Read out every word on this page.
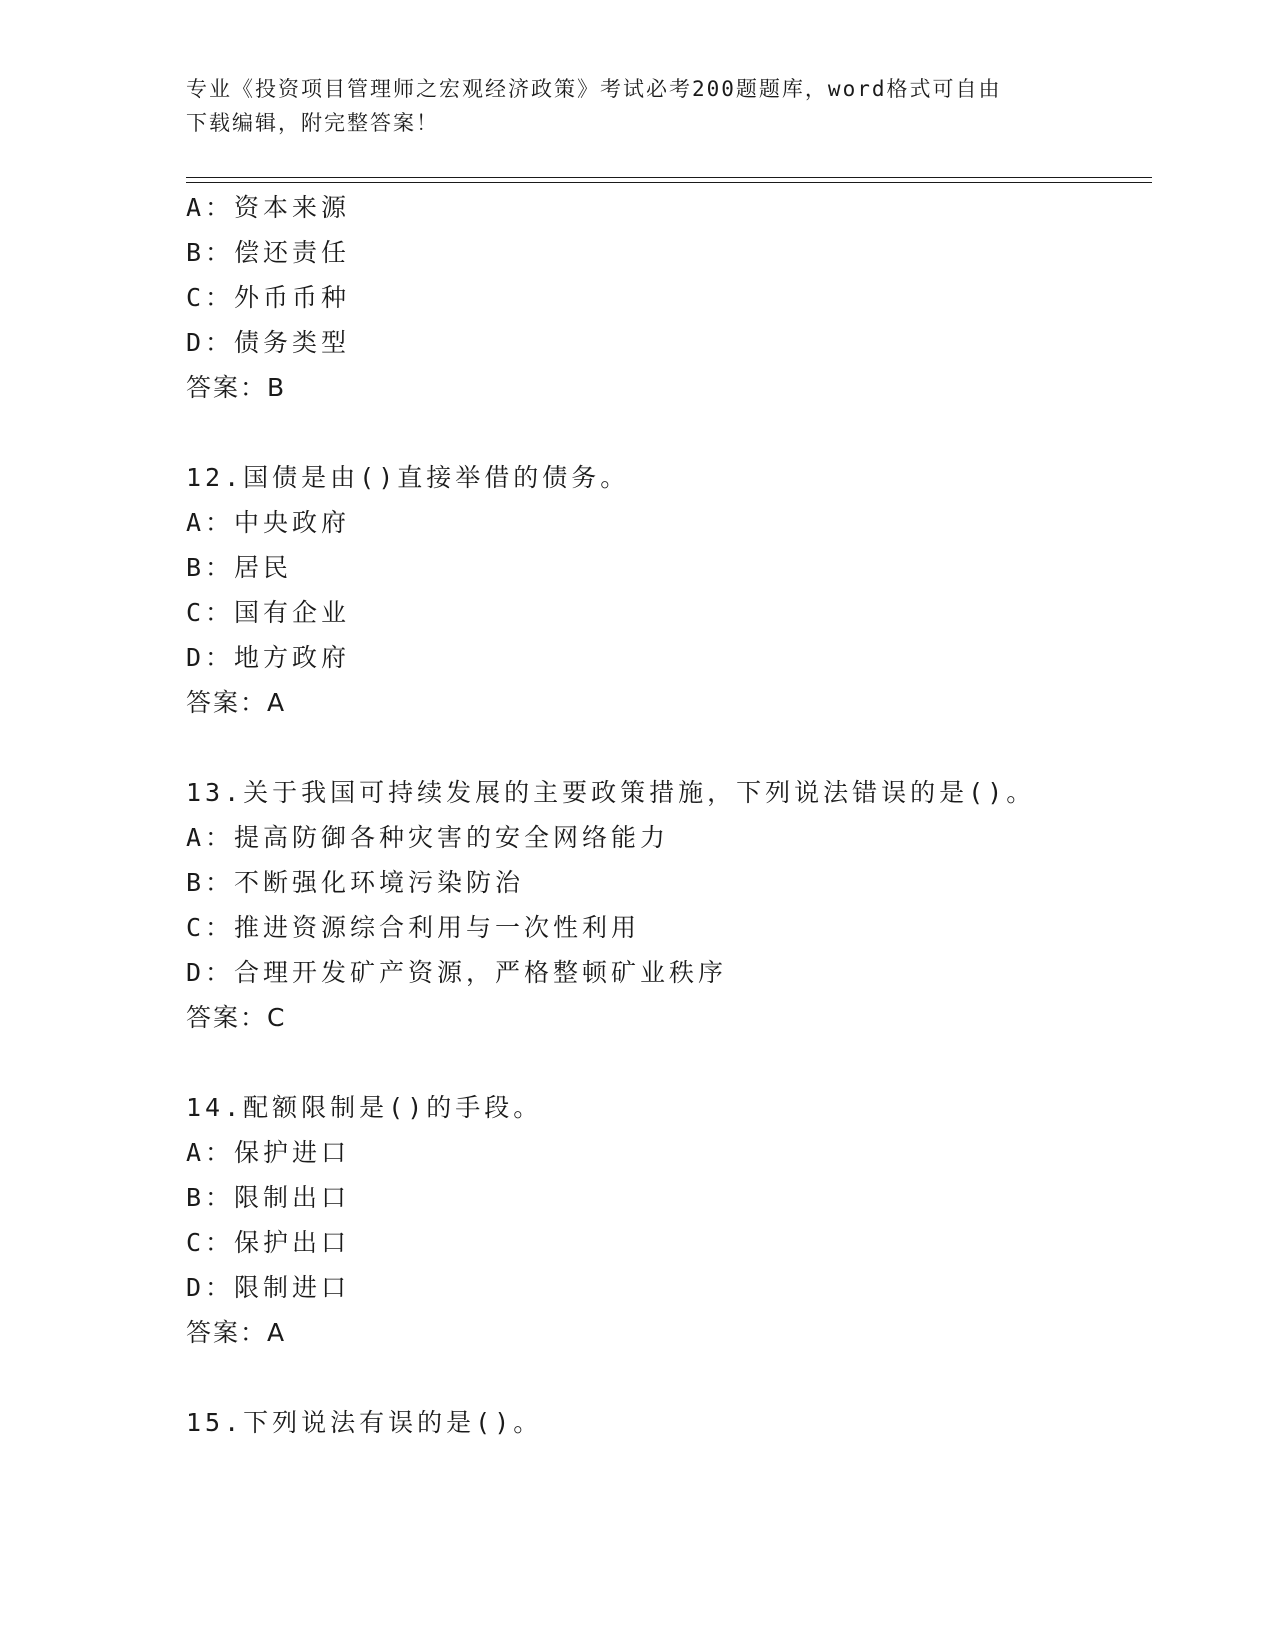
专业《投资项目管理师之宏观经济政策》考试必考200题题库，word格式可自由
下载编辑，附完整答案！
A：资本来源
B：偿还责任
C：外币币种
D：债务类型
答案：B
12.国债是由()直接举借的债务。
A：中央政府
B：居民
C：国有企业
D：地方政府
答案：A
13.关于我国可持续发展的主要政策措施，下列说法错误的是()。
A：提高防御各种灾害的安全网络能力
B：不断强化环境污染防治
C：推进资源综合利用与一次性利用
D：合理开发矿产资源，严格整顿矿业秩序
答案：C
14.配额限制是()的手段。
A：保护进口
B：限制出口
C：保护出口
D：限制进口
答案：A
15.下列说法有误的是()。
